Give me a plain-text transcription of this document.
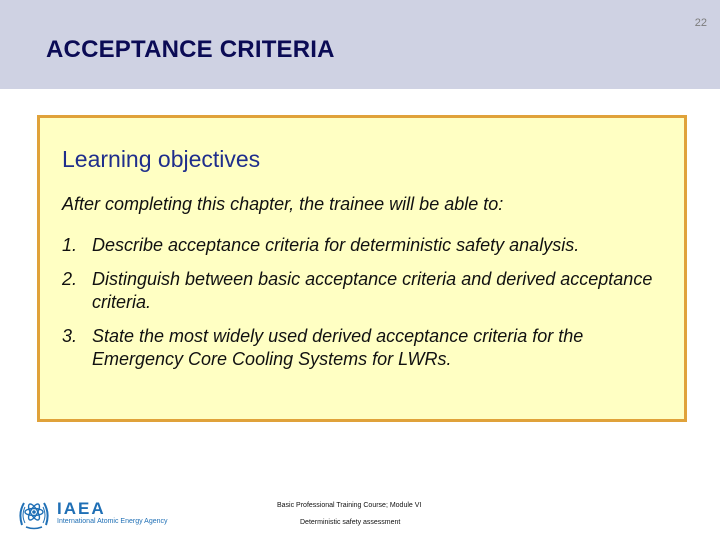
22
ACCEPTANCE CRITERIA
Learning objectives
After completing this chapter, the trainee will be able to:
1. Describe acceptance criteria for deterministic safety analysis.
2. Distinguish between basic acceptance criteria and derived acceptance criteria.
3. State the most widely used derived acceptance criteria for the Emergency Core Cooling Systems for LWRs.
IAEA
International Atomic Energy Agency
Basic Professional Training Course; Module VI
Deterministic safety assessment
